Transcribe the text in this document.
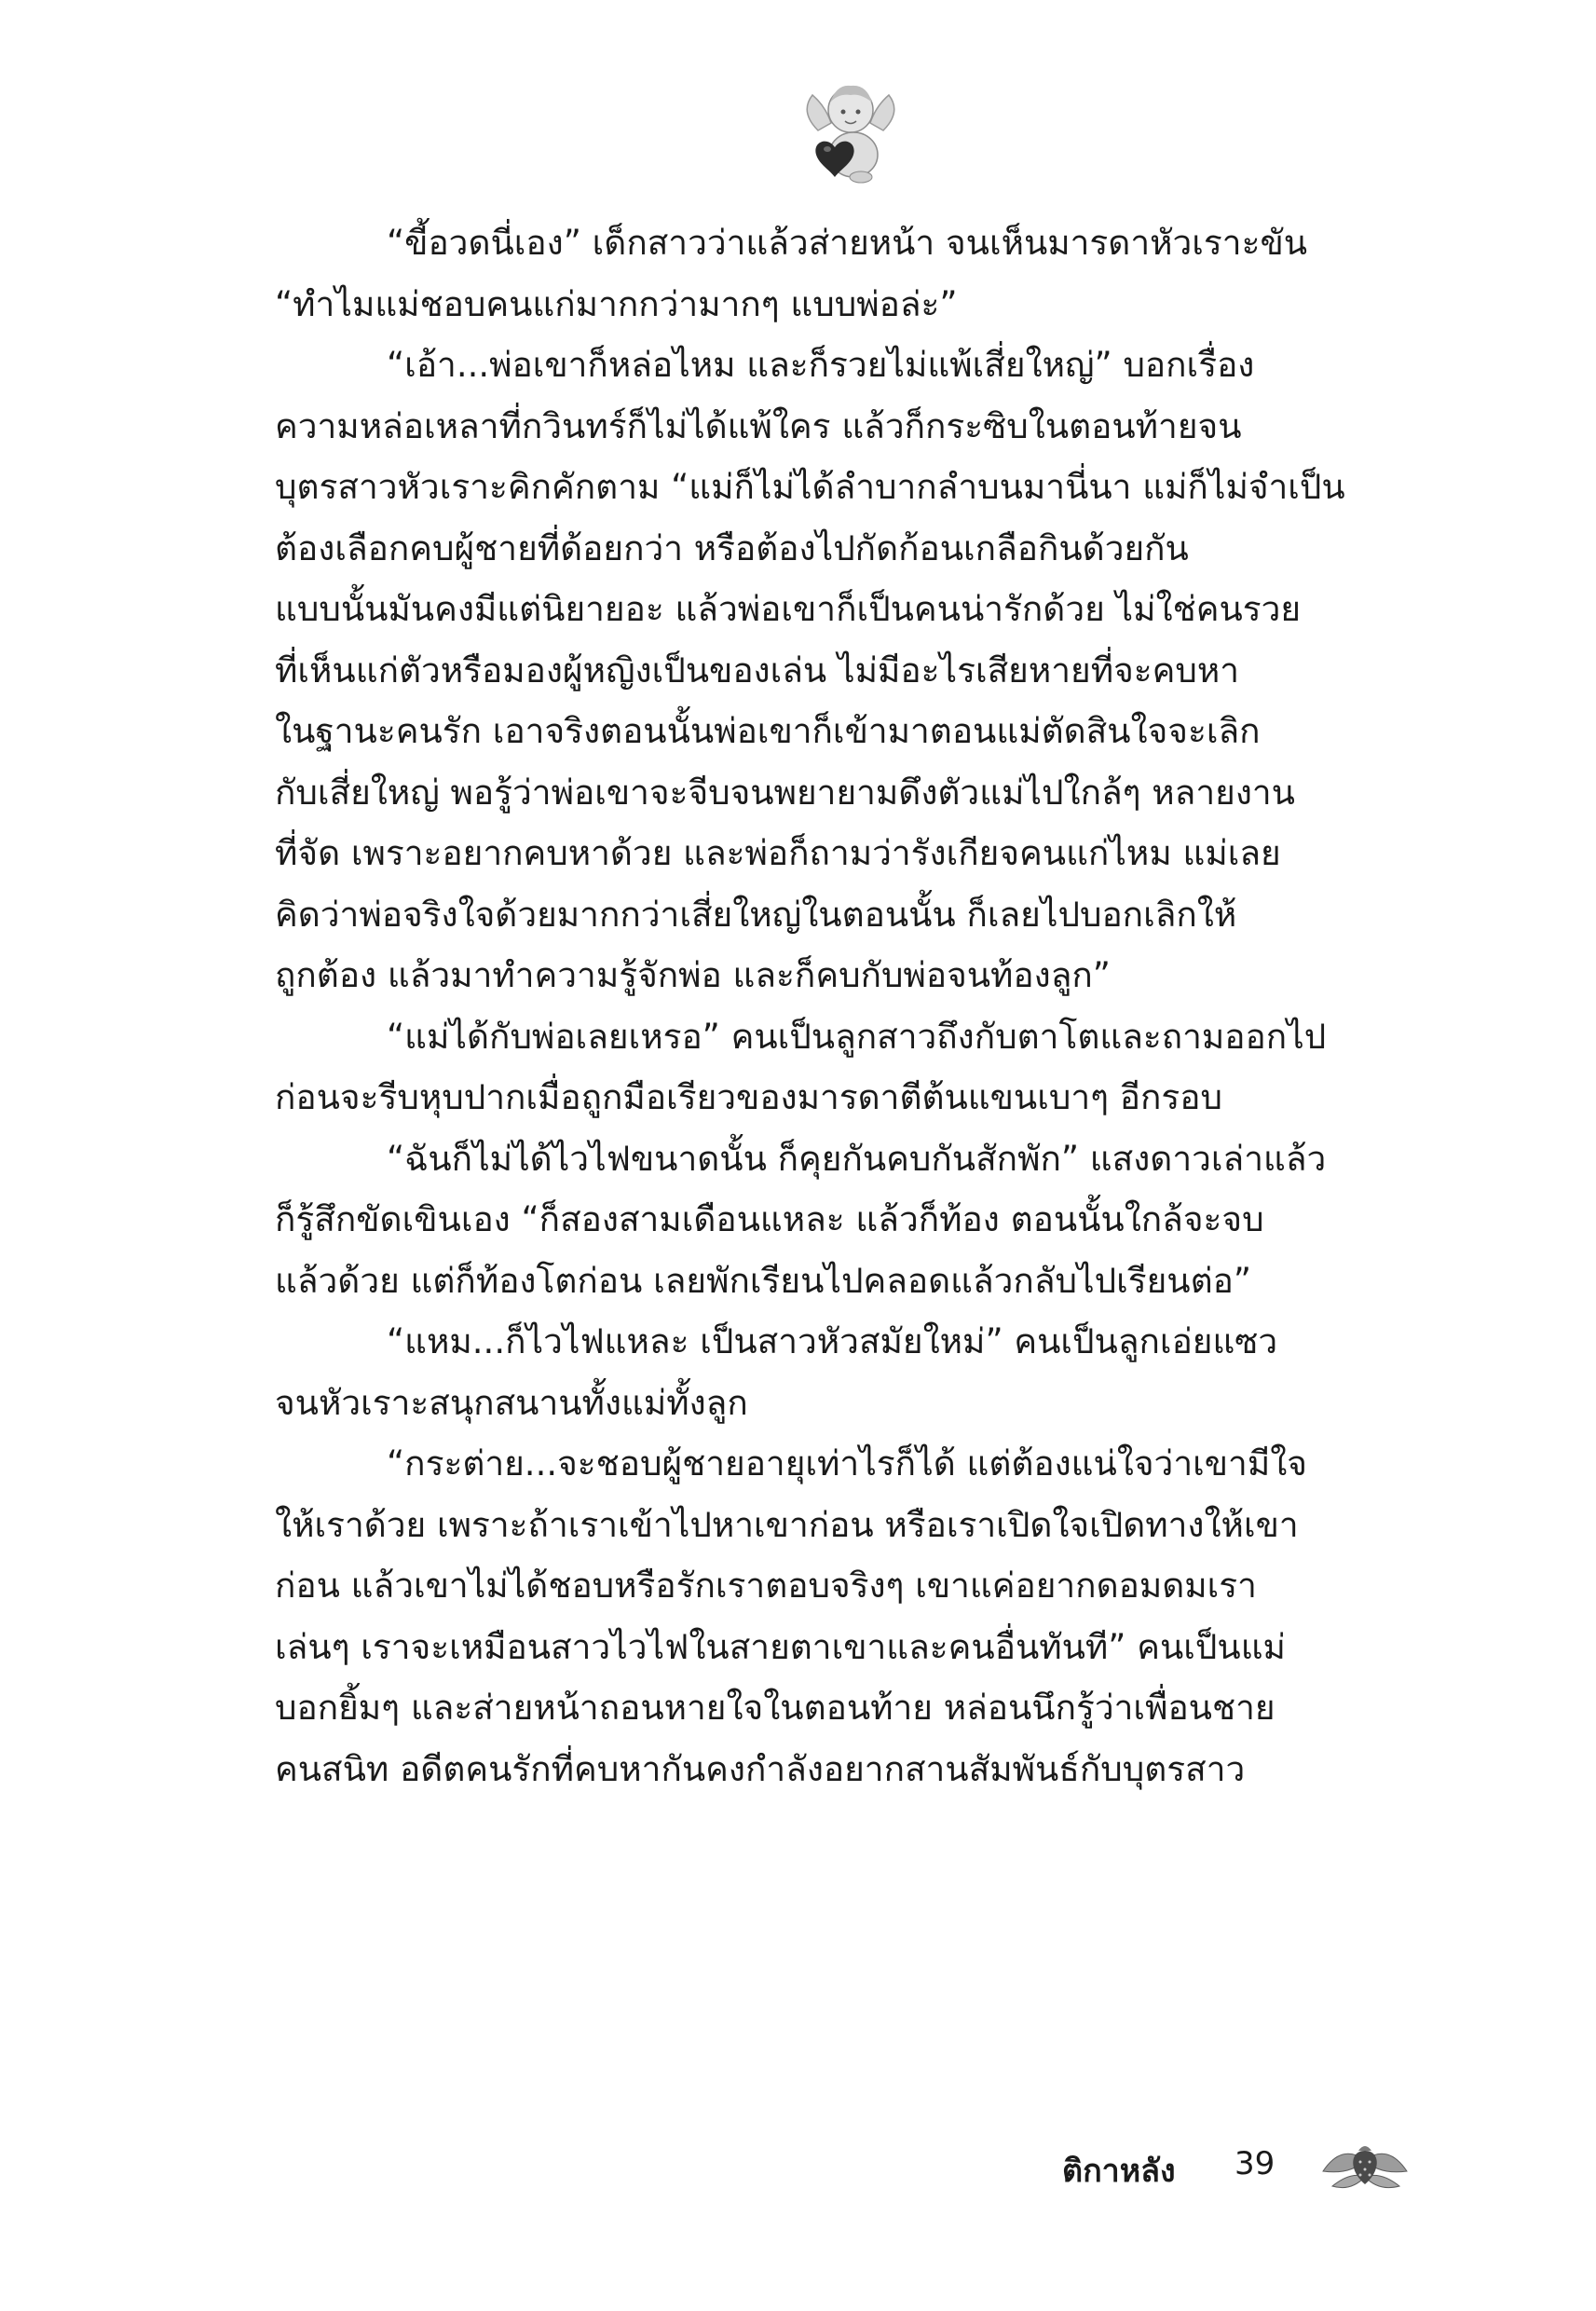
“ขี้อวดนี่เอง” เด็กสาวว่าแล้วส่ายหน้า จนเห็นมารดาหัวเราะขัน
“ทำไมแม่ชอบคนแก่มากกว่ามากๆ แบบพ่อล่ะ”
“เอ้า...พ่อเขาก็หล่อไหม และก็รวยไม่แพ้เสี่ยใหญ่” บอกเรื่อง
ความหล่อเหลาที่กวินทร์ก็ไม่ได้แพ้ใคร แล้วก็กระซิบในตอนท้ายจน
บุตรสาวหัวเราะคิกคักตาม “แม่ก็ไม่ได้ลำบากลำบนมานี่นา แม่ก็ไม่จำเป็น
ต้องเลือกคบผู้ชายที่ด้อยกว่า หรือต้องไปกัดก้อนเกลือกินด้วยกัน
แบบนั้นมันคงมีแต่นิยายอะ แล้วพ่อเขาก็เป็นคนน่ารักด้วย ไม่ใช่คนรวย
ที่เห็นแก่ตัวหรือมองผู้หญิงเป็นของเล่น ไม่มีอะไรเสียหายที่จะคบหา
ในฐานะคนรัก เอาจริงตอนนั้นพ่อเขาก็เข้ามาตอนแม่ตัดสินใจจะเลิก
กับเสี่ยใหญ่ พอรู้ว่าพ่อเขาจะจีบจนพยายามดึงตัวแม่ไปใกล้ๆ หลายงาน
ที่จัด เพราะอยากคบหาด้วย และพ่อก็ถามว่ารังเกียจคนแก่ไหม แม่เลย
คิดว่าพ่อจริงใจด้วยมากกว่าเสี่ยใหญ่ในตอนนั้น ก็เลยไปบอกเลิกให้
ถูกต้อง แล้วมาทำความรู้จักพ่อ และก็คบกับพ่อจนท้องลูก”
“แม่ได้กับพ่อเลยเหรอ” คนเป็นลูกสาวถึงกับตาโตและถามออกไป
ก่อนจะรีบหุบปากเมื่อถูกมือเรียวของมารดาตีต้นแขนเบาๆ อีกรอบ
“ฉันก็ไม่ได้ไวไฟขนาดนั้น ก็คุยกันคบกันสักพัก” แสงดาวเล่าแล้ว
ก็รู้สึกขัดเขินเอง “ก็สองสามเดือนแหละ แล้วก็ท้อง ตอนนั้นใกล้จะจบ
แล้วด้วย แต่ก็ท้องโตก่อน เลยพักเรียนไปคลอดแล้วกลับไปเรียนต่อ”
“แหม...ก็ไวไฟแหละ เป็นสาวหัวสมัยใหม่” คนเป็นลูกเอ่ยแซว
จนหัวเราะสนุกสนานทั้งแม่ทั้งลูก
“กระต่าย...จะชอบผู้ชายอายุเท่าไรก็ได้ แต่ต้องแน่ใจว่าเขามีใจ
ให้เราด้วย เพราะถ้าเราเข้าไปหาเขาก่อน หรือเราเปิดใจเปิดทางให้เขา
ก่อน แล้วเขาไม่ได้ชอบหรือรักเราตอบจริงๆ เขาแค่อยากดอมดมเรา
เล่นๆ เราจะเหมือนสาวไวไฟในสายตาเขาและคนอื่นทันที” คนเป็นแม่
บอกยิ้มๆ และส่ายหน้าถอนหายใจในตอนท้าย หล่อนนึกรู้ว่าเพื่อนชาย
คนสนิท อดีตคนรักที่คบหากันคงกำลังอยากสานสัมพันธ์กับบุตรสาว
ติกาหลัง 39
